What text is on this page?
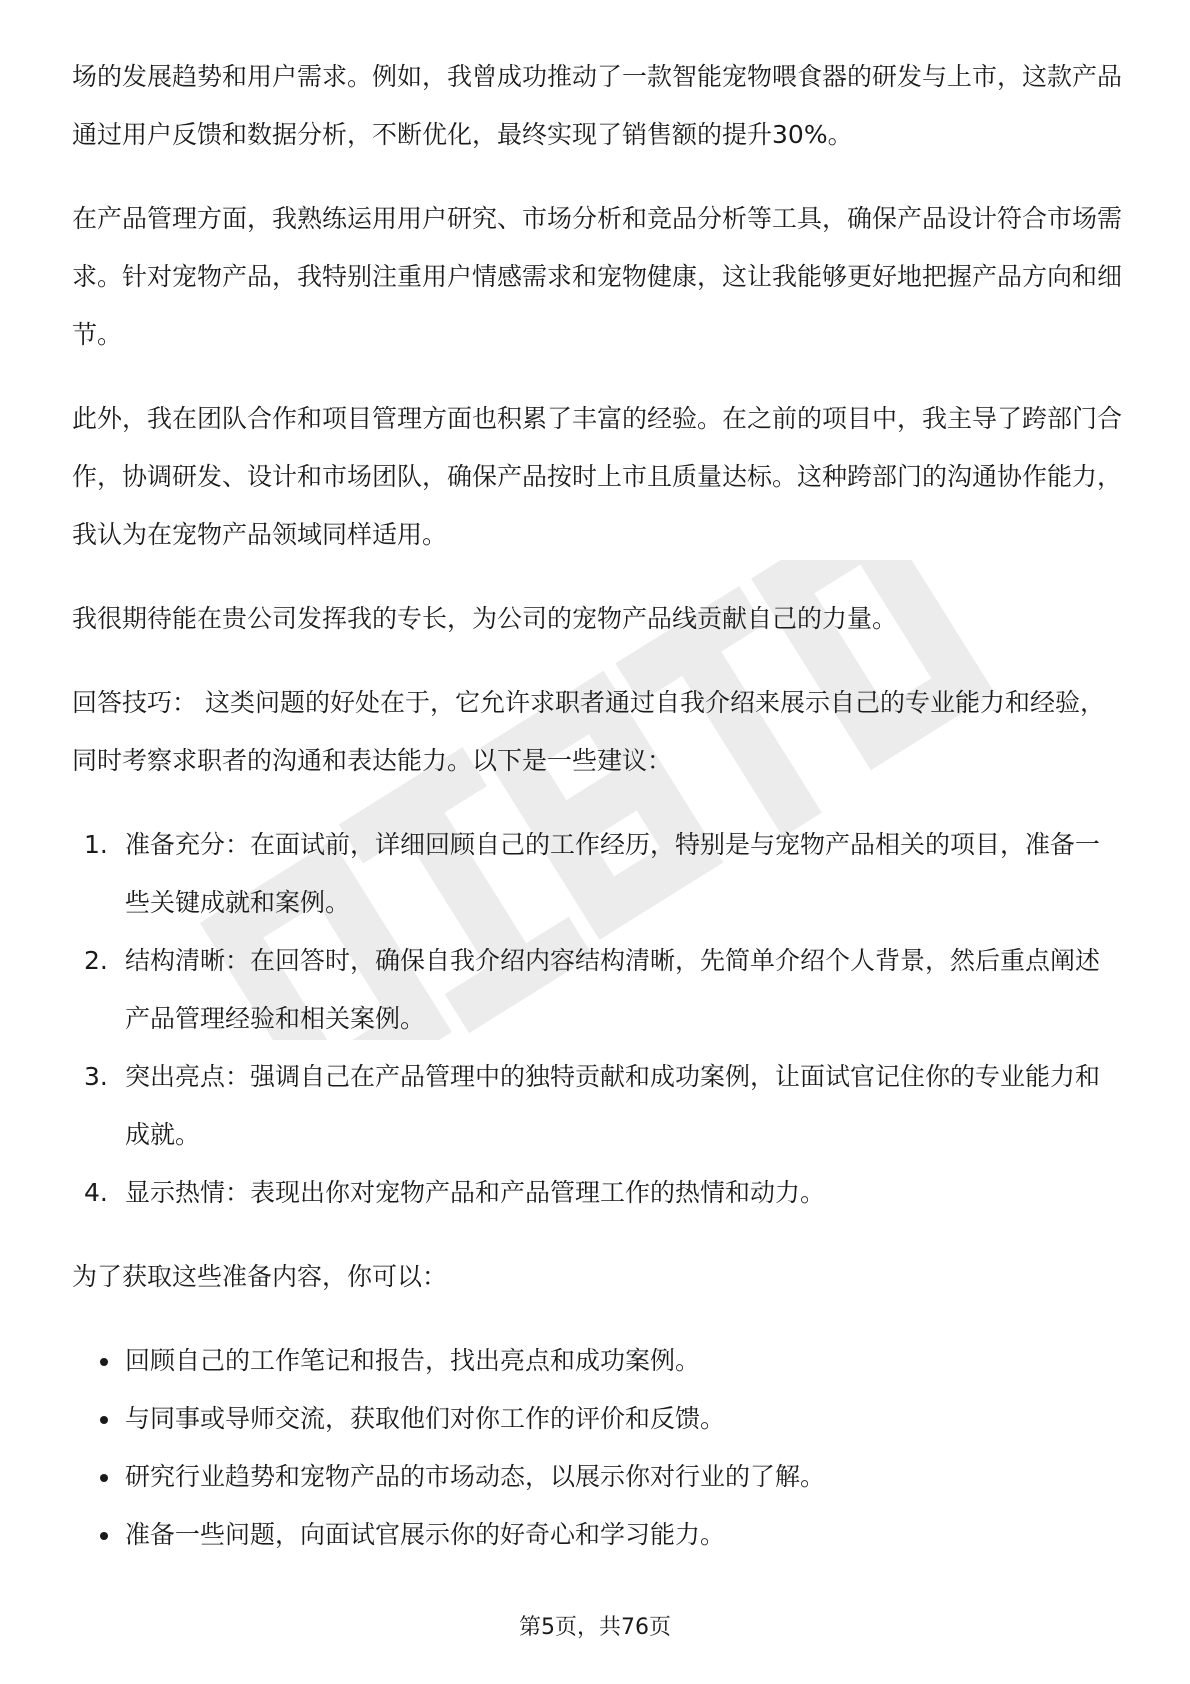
场的发展趋势和用户需求。例如，我曾成功推动了一款智能宠物喂食器的研发与上市，这款产品通过用户反馈和数据分析，不断优化，最终实现了销售额的提升30%。

在产品管理方面，我熟练运用用户研究、市场分析和竞品分析等工具，确保产品设计符合市场需求。针对宠物产品，我特别注重用户情感需求和宠物健康，这让我能够更好地把握产品方向和细节。

此外，我在团队合作和项目管理方面也积累了丰富的经验。在之前的项目中，我主导了跨部门合作，协调研发、设计和市场团队，确保产品按时上市且质量达标。这种跨部门的沟通协作能力，我认为在宠物产品领域同样适用。

我很期待能在贵公司发挥我的专长，为公司的宠物产品线贡献自己的力量。

回答技巧： 这类问题的好处在于，它允许求职者通过自我介绍来展示自己的专业能力和经验，同时考察求职者的沟通和表达能力。以下是一些建议：

1. 准备充分：在面试前，详细回顾自己的工作经历，特别是与宠物产品相关的项目，准备一些关键成就和案例。
2. 结构清晰：在回答时，确保自我介绍内容结构清晰，先简单介绍个人背景，然后重点阐述产品管理经验和相关案例。
3. 突出亮点：强调自己在产品管理中的独特贡献和成功案例，让面试官记住你的专业能力和成就。
4. 显示热情：表现出你对宠物产品和产品管理工作的热情和动力。

为了获取这些准备内容，你可以：

回顾自己的工作笔记和报告，找出亮点和成功案例。
与同事或导师交流，获取他们对你工作的评价和反馈。
研究行业趋势和宠物产品的市场动态，以展示你对行业的了解。
准备一些问题，向面试官展示你的好奇心和学习能力。
第5页，共76页
